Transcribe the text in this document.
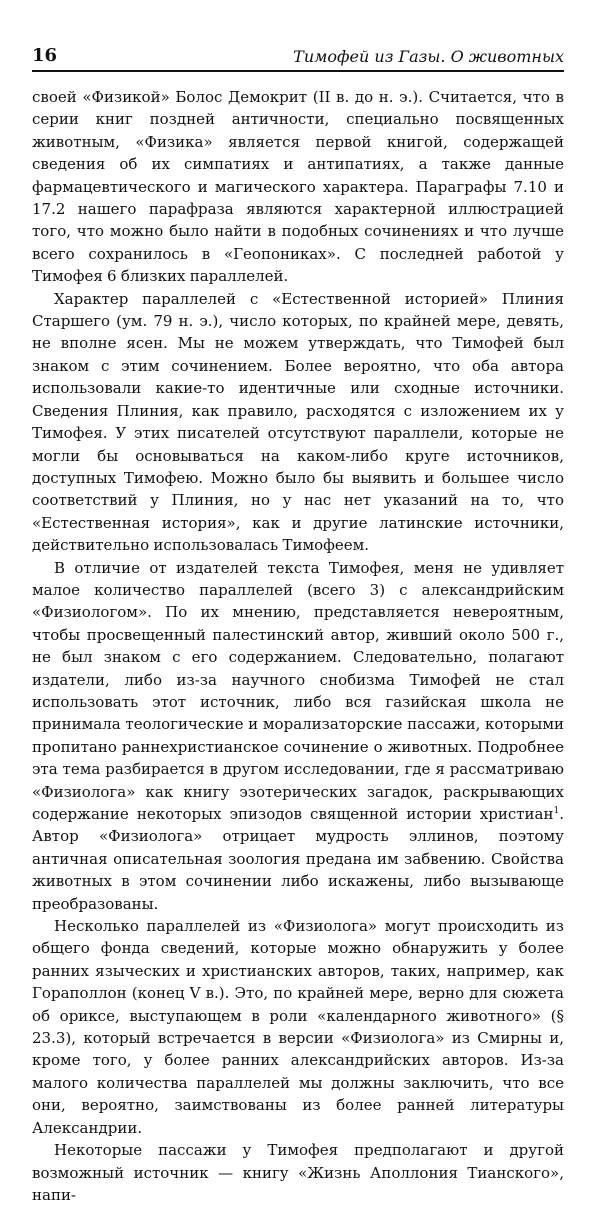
16	Тимофей из Газы. О животных

своей «Физикой» Болос Демокрит (II в. до н. э.). Считается, что в серии книг поздней античности, специально посвященных животным, «Физика» является первой книгой, содержащей сведения об их симпатиях и антипатиях, а также данные фармацевтического и магического характера. Параграфы 7.10 и 17.2 нашего парафраза являются характерной иллюстрацией того, что можно было найти в подобных сочинениях и что лучше всего сохранилось в «Геопониках». С последней работой у Тимофея 6 близких параллелей.

Характер параллелей с «Естественной историей» Плиния Старшего (ум. 79 н. э.), число которых, по крайней мере, девять, не вполне ясен. Мы не можем утверждать, что Тимофей был знаком с этим сочинением. Более вероятно, что оба автора использовали какие-то идентичные или сходные источники. Сведения Плиния, как правило, расходятся с изложением их у Тимофея. У этих писателей отсутствуют параллели, которые не могли бы основываться на каком-либо круге источников, доступных Тимофею. Можно было бы выявить и большее число соответствий у Плиния, но у нас нет указаний на то, что «Естественная история», как и другие латинские источники, действительно использовалась Тимофеем.

В отличие от издателей текста Тимофея, меня не удивляет малое количество параллелей (всего 3) с александрийским «Физиологом». По их мнению, представляется невероятным, чтобы просвещенный палестинский автор, живший около 500 г., не был знаком с его содержанием. Следовательно, полагают издатели, либо из-за научного снобизма Тимофей не стал использовать этот источник, либо вся газийская школа не принимала теологические и морализаторские пассажи, которыми пропитано раннехристианское сочинение о животных. Подробнее эта тема разбирается в другом исследовании, где я рассматриваю «Физиолога» как книгу эзотерических загадок, раскрывающих содержание некоторых эпизодов священной истории христиан$^1$. Автор «Физиолога» отрицает мудрость эллинов, поэтому античная описательная зоология предана им забвению. Свойства животных в этом сочинении либо искажены, либо вызывающе преобразованы.

Несколько параллелей из «Физиолога» могут происходить из общего фонда сведений, которые можно обнаружить у более ранних языческих и христианских авторов, таких, например, как Гораполлон (конец V в.). Это, по крайней мере, верно для сюжета об ориксе, выступающем в роли «календарного животного» (§ 23.3), который встречается в версии «Физиолога» из Смирны и, кроме того, у более ранних александрийских авторов. Из-за малого количества параллелей мы должны заключить, что все они, вероятно, заимствованы из более ранней литературы Александрии.

Некоторые пассажи у Тимофея предполагают и другой возможный источник — книгу «Жизнь Аполлония Тианского», напи-
